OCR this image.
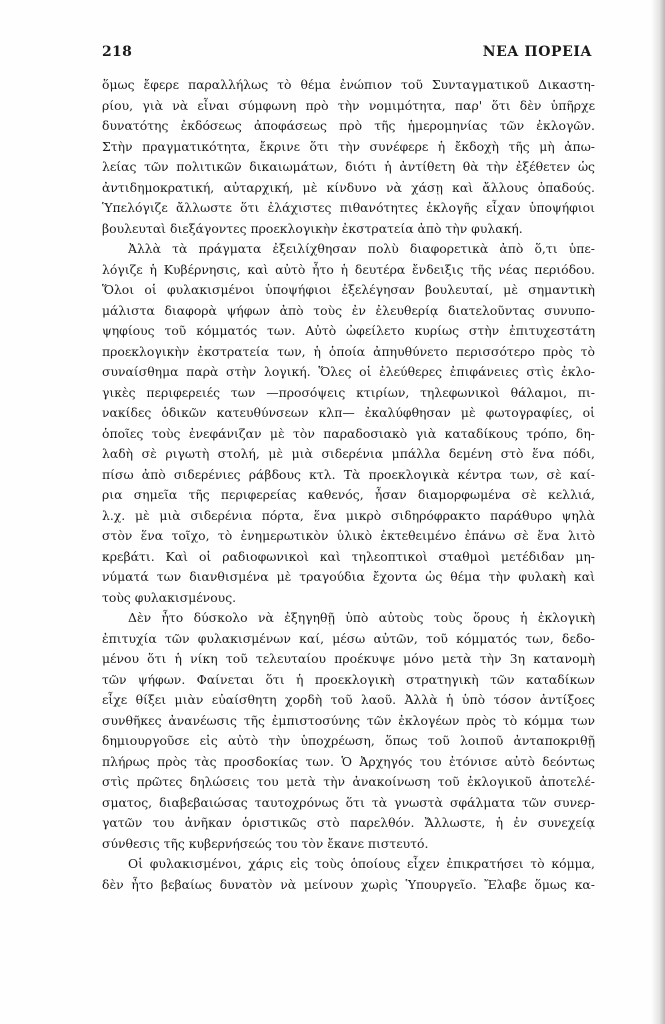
218	ΝΕΑ ΠΟΡΕΙΑ
ὅμως ἔφερε παραλλήλως τὸ θέμα ἐνώπιον τοῦ Συνταγματικοῦ Δικαστη-
ρίου, γιὰ νὰ εἶναι σύμφωνη πρὸ τὴν νομιμότητα, παρ' ὅτι δὲν ὑπῆρχε
δυνατότης ἐκδόσεως ἀποφάσεως πρὸ τῆς ἡμερομηνίας τῶν ἐκλογῶν.
Στὴν πραγματικότητα, ἔκρινε ὅτι τὴν συνέφερε ἡ ἔκδοχὴ τῆς μὴ ἀπω-
λείας τῶν πολιτικῶν δικαιωμάτων, διότι ἡ ἀντίθετη θὰ τὴν ἐξέθετεν ὡς
ἀντιδημοκρατική, αὐταρχική, μὲ κίνδυνο νὰ χάσῃ καὶ ἄλλους ὀπαδούς.
Ὑπελόγιζε ἄλλωστε ὅτι ἐλάχιστες πιθανότητες ἐκλογῆς εἶχαν ὑποψήφιοι
βουλευταὶ διεξάγοντες προεκλογικὴν ἐκστρατεία ἀπὸ τὴν φυλακή.
Ἀλλὰ τὰ πράγματα ἐξειλίχθησαν πολὺ διαφορετικὰ ἀπὸ ὅ,τι ὑπε-
λόγιζε ἡ Κυβέρνησις, καὶ αὐτὸ ἦτο ἡ δευτέρα ἔνδειξις τῆς νέας περιόδου.
Ὅλοι οἱ φυλακισμένοι ὑποψήφιοι ἐξελέγησαν βουλευταί, μὲ σημαντικὴ
μάλιστα διαφορὰ ψήφων ἀπὸ τοὺς ἐν ἐλευθερίᾳ διατελοῦντας συνυπο-
ψηφίους τοῦ κόμματός των. Αὐτὸ ὠφείλετο κυρίως στὴν ἐπιτυχεστάτη
προεκλογικὴν ἐκστρατεία των, ἡ ὁποία ἀπηυθύνετο περισσότερο πρὸς τὸ
συναίσθημα παρὰ στὴν λογική. Ὅλες οἱ ἐλεύθερες ἐπιφάνειες στὶς ἐκλο-
γικὲς περιφερειές των —προσόψεις κτιρίων, τηλεφωνικοὶ θάλαμοι, πι-
νακίδες ὁδικῶν κατευθύνσεων κλπ— ἐκαλύφθησαν μὲ φωτογραφίες, οἱ
ὁποῖες τοὺς ἐνεφάνιζαν μὲ τὸν παραδοσιακὸ γιὰ καταδίκους τρόπο, δη-
λαδὴ σὲ ριγωτὴ στολή, μὲ μιὰ σιδερένια μπάλλα δεμένη στὸ ἕνα πόδι,
πίσω ἀπὸ σιδερένιες ράβδους κτλ. Τὰ προεκλογικὰ κέντρα των, σὲ καί-
ρια σημεῖα τῆς περιφερείας καθενός, ἦσαν διαμορφωμένα σὲ κελλιά,
λ.χ. μὲ μιὰ σιδερένια πόρτα, ἕνα μικρὸ σιδηρόφρακτο παράθυρο ψηλὰ
στὸν ἕνα τοῖχο, τὸ ἐνημερωτικὸν ὑλικὸ ἐκτεθειμένο ἐπάνω σὲ ἕνα λιτὸ
κρεβάτι. Καὶ οἱ ραδιοφωνικοὶ καὶ τηλεοπτικοὶ σταθμοὶ μετέδιδαν μη-
νύματά των διανθισμένα μὲ τραγούδια ἔχοντα ὡς θέμα τὴν φυλακὴ καὶ
τοὺς φυλακισμένους.
Δὲν ἦτο δύσκολο νὰ ἐξηγηθῇ ὑπὸ αὐτοὺς τοὺς ὅρους ἡ ἐκλογικὴ
ἐπιτυχία τῶν φυλακισμένων καί, μέσω αὐτῶν, τοῦ κόμματός των, δεδο-
μένου ὅτι ἡ νίκη τοῦ τελευταίου προέκυψε μόνο μετὰ τὴν 3η κατανομὴ
τῶν ψήφων. Φαίνεται ὅτι ἡ προεκλογικὴ στρατηγικὴ τῶν καταδίκων
εἶχε θίξει μιὰν εὐαίσθητη χορδὴ τοῦ λαοῦ. Ἀλλὰ ἡ ὑπὸ τόσον ἀντίξοες
συνθῆκες ἀνανέωσις τῆς ἐμπιστοσύνης τῶν ἐκλογέων πρὸς τὸ κόμμα των
δημιουργοῦσε εἰς αὐτὸ τὴν ὑποχρέωση, ὅπως τοῦ λοιποῦ ἀνταποκριθῇ
πλήρως πρὸς τὰς προσδοκίας των. Ὁ Ἀρχηγός του ἐτόνισε αὐτὸ δεόντως
στὶς πρῶτες δηλώσεις του μετὰ τὴν ἀνακοίνωση τοῦ ἐκλογικοῦ ἀποτελέ-
σματος, διαβεβαιώσας ταυτοχρόνως ὅτι τὰ γνωστὰ σφάλματα τῶν συνερ-
γατῶν του ἀνῆκαν ὁριστικῶς στὸ παρελθόν. Ἄλλωστε, ἡ ἐν συνεχείᾳ
σύνθεσις τῆς κυβερνήσεώς του τὸν ἔκανε πιστευτό.
Οἱ φυλακισμένοι, χάρις εἰς τοὺς ὁποίους εἶχεν ἐπικρατήσει τὸ κόμμα,
δὲν ἦτο βεβαίως δυνατὸν νὰ μείνουν χωρὶς Ὑπουργεῖο. Ἔλαβε ὅμως κα-
